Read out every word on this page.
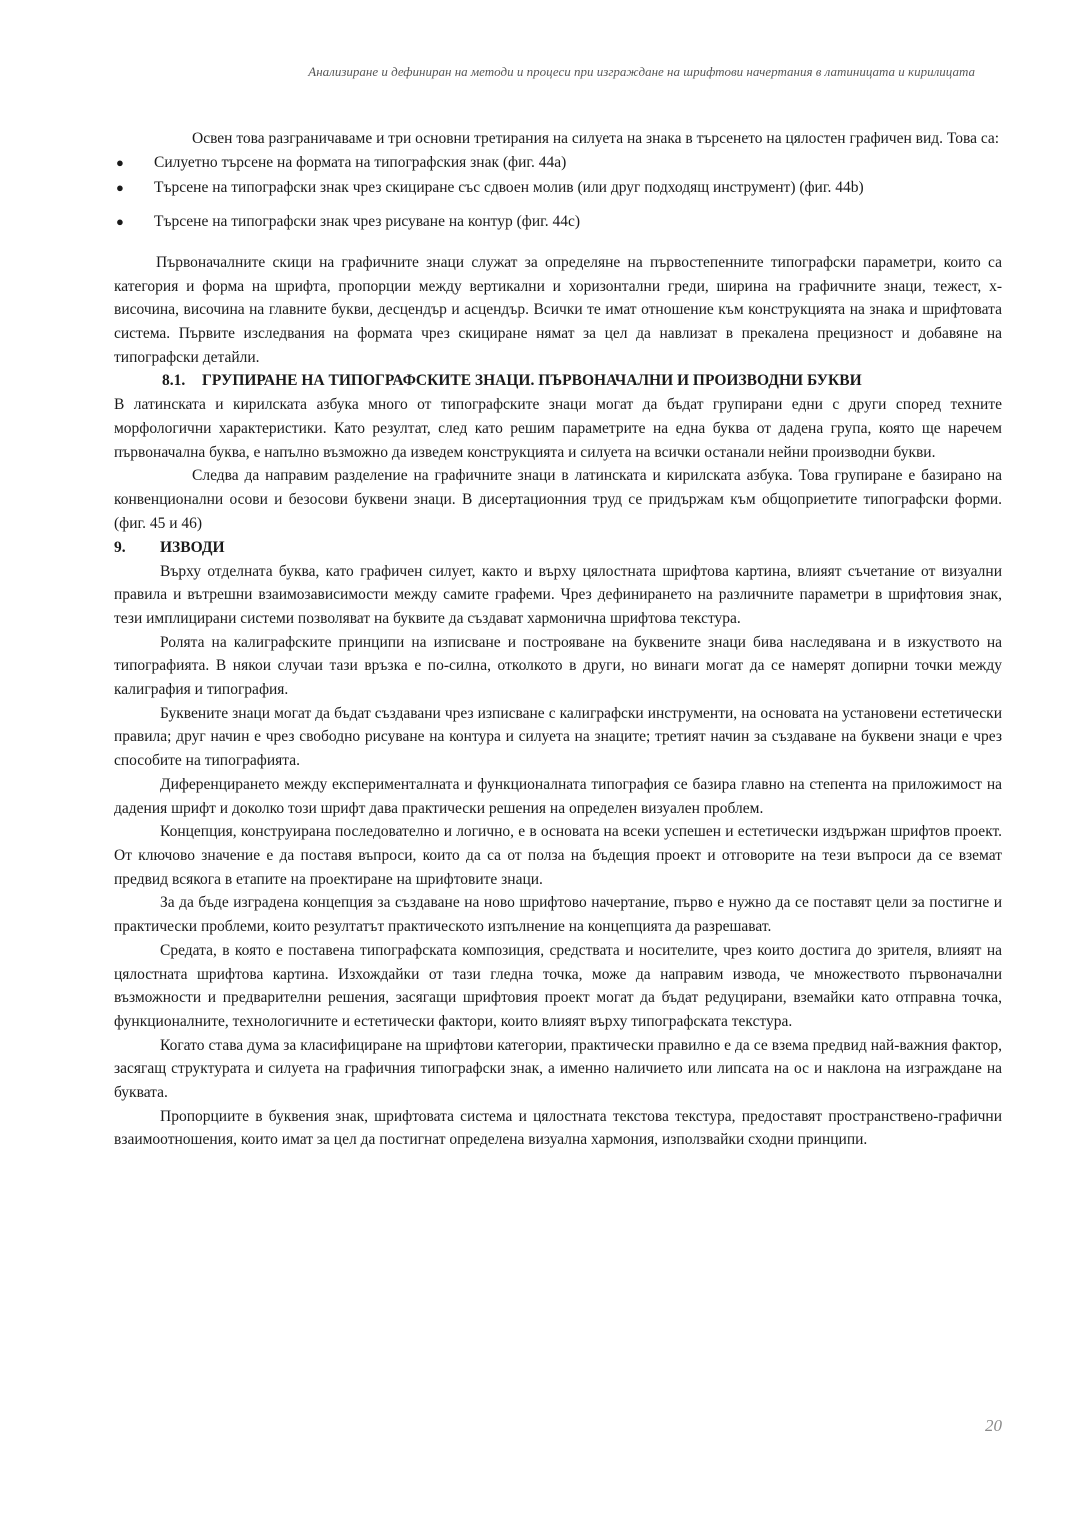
Анализиране и дефиниран на методи и процеси при изграждане на шрифтови начертания в латиницата и кирилицата

Освен това разграничаваме и три основни третирания на силуета на знака в търсенето на цялостен графичен вид. Това са:

● Силуетно търсене на формата на типографския знак (фиг. 44a)
● Търсене на типографски знак чрез скициране със сдвоен молив (или друг подходящ инструмент) (фиг. 44b)
● Търсене на типографски знак чрез рисуване на контур (фиг. 44c)

Първоначалните скици на графичните знаци служат за определяне на първостепенните типографски параметри, които са категория и форма на шрифта, пропорции между вертикални и хоризонтални греди, ширина на графичните знаци, тежест, x-височина, височина на главните букви, десцендър и асцендър. Всички те имат отношение към конструкцията на знака и шрифтовата система. Първите изследвания на формата чрез скициране нямат за цел да навлизат в прекалена прецизност и добавяне на типографски детайли.

8.1. ГРУПИРАНЕ НА ТИПОГРАФСКИТЕ ЗНАЦИ. ПЪРВОНАЧАЛНИ И ПРОИЗВОДНИ БУКВИ

В латинската и кирилската азбука много от типографските знаци могат да бъдат групирани едни с други според техните морфологични характеристики. Като резултат, след като решим параметрите на една буква от дадена група, която ще наречем първоначална буква, е напълно възможно да изведем конструкцията и силуета на всички останали нейни производни букви.

Следва да направим разделение на графичните знаци в латинската и кирилската азбука. Това групиране е базирано на конвенционални осови и безосови буквени знаци. В дисертационния труд се придържам към общоприетите типографски форми. (фиг. 45 и 46)

9. ИЗВОДИ

Върху отделната буква, като графичен силует, както и върху цялостната шрифтова картина, влияят съчетание от визуални правила и вътрешни взаимозависимости между самите графеми. Чрез дефинирането на различните параметри в шрифтовия знак, тези имплицирани системи позволяват на буквите да създават хармонична шрифтова текстура.

Ролята на калиграфските принципи на изписване и построяване на буквените знаци бива наследявана и в изкуството на типографията. В някои случаи тази връзка е по-силна, отколкото в други, но винаги могат да се намерят допирни точки между калиграфия и типография.

Буквените знаци могат да бъдат създавани чрез изписване с калиграфски инструменти, на основата на установени естетически правила; друг начин е чрез свободно рисуване на контура и силуета на знаците; третият начин за създаване на буквени знаци е чрез способите на типографията.

Диференцирането между експерименталната и функционалната типография се базира главно на степента на приложимост на дадения шрифт и доколко този шрифт дава практически решения на определен визуален проблем.

Концепция, конструирана последователно и логично, е в основата на всеки успешен и естетически издържан шрифтов проект. От ключово значение е да поставя въпроси, които да са от полза на бъдещия проект и отговорите на тези въпроси да се вземат предвид всякога в етапите на проектиране на шрифтовите знаци.

За да бъде изградена концепция за създаване на ново шрифтово начертание, първо е нужно да се поставят цели за постигне и практически проблеми, които резултатът практическото изпълнение на концепцията да разрешават.

Средата, в която е поставена типографската композиция, средствата и носителите, чрез които достига до зрителя, влияят на цялостната шрифтова картина. Изхождайки от тази гледна точка, може да направим извода, че множеството първоначални възможности и предварителни решения, засягащи шрифтовия проект могат да бъдат редуцирани, вземайки като отправна точка, функционалните, технологичните и естетически фактори, които влияят върху типографската текстура.

Когато става дума за класифициране на шрифтови категории, практически правилно е да се взема предвид най-важния фактор, засягащ структурата и силуета на графичния типографски знак, а именно наличието или липсата на ос и наклона на изграждане на буквата.

Пропорциите в буквения знак, шрифтовата система и цялостната текстова текстура, предоставят пространствено-графични взаимоотношения, които имат за цел да постигнат определена визуална хармония, използвайки сходни принципи.

20
